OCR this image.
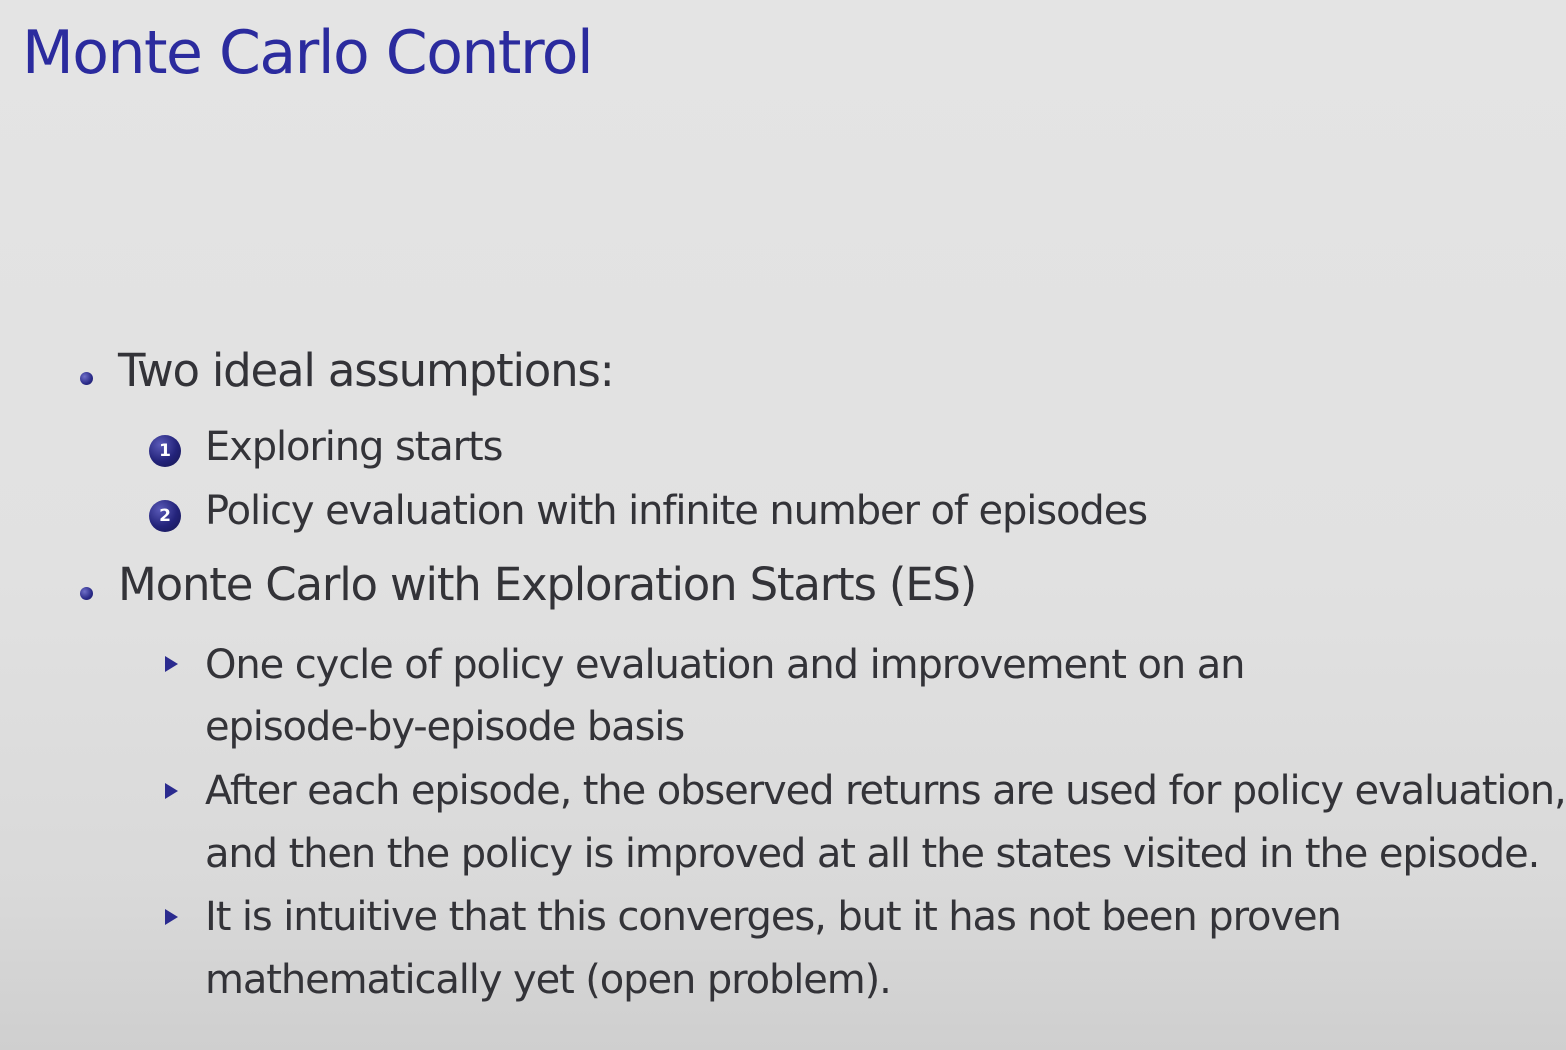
Monte Carlo Control
Two ideal assumptions:
1 Exploring starts
2 Policy evaluation with infinite number of episodes
Monte Carlo with Exploration Starts (ES)
One cycle of policy evaluation and improvement on an
episode-by-episode basis
After each episode, the observed returns are used for policy evaluation,
and then the policy is improved at all the states visited in the episode.
It is intuitive that this converges, but it has not been proven
mathematically yet (open problem).
